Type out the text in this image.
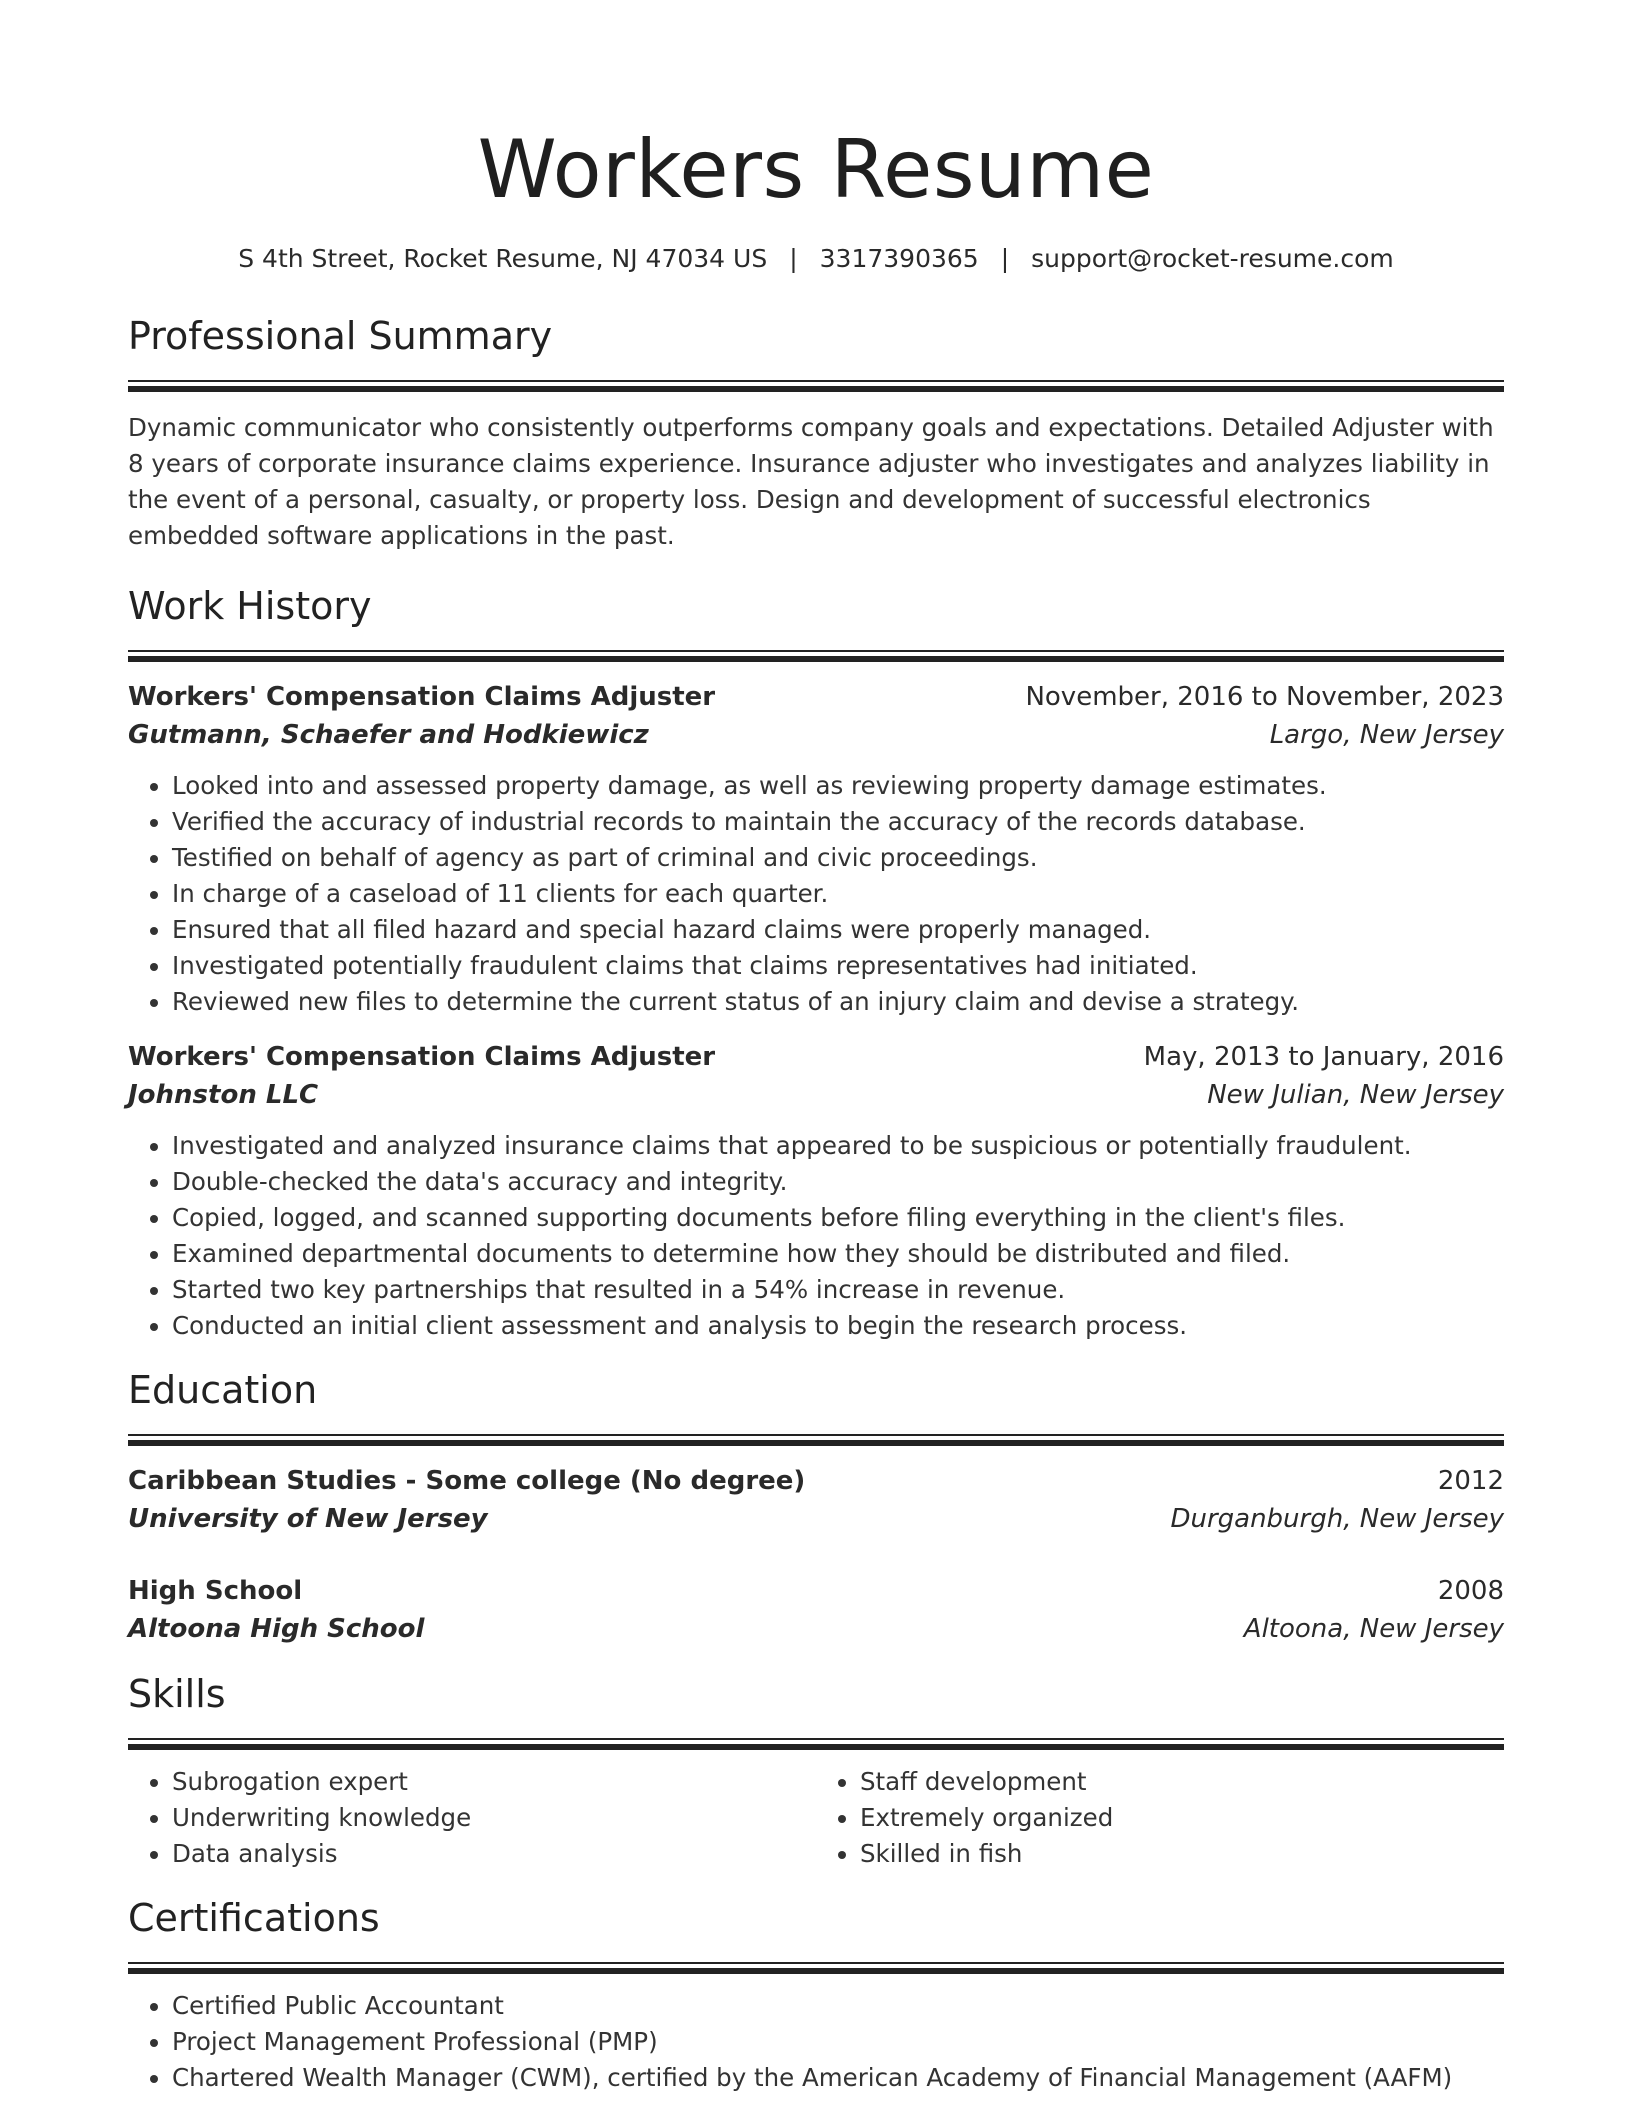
Workers Resume
S 4th Street, Rocket Resume, NJ 47034 US | 3317390365 | support@rocket-resume.com
Professional Summary

Dynamic communicator who consistently outperforms company goals and expectations. Detailed Adjuster with 8 years of corporate insurance claims experience. Insurance adjuster who investigates and analyzes liability in the event of a personal, casualty, or property loss. Design and development of successful electronics embedded software applications in the past.

Work History
Workers' Compensation Claims Adjuster	November, 2016 to November, 2023
Gutmann, Schaefer and Hodkiewicz	Largo, New Jersey
• Looked into and assessed property damage, as well as reviewing property damage estimates.
• Verified the accuracy of industrial records to maintain the accuracy of the records database.
• Testified on behalf of agency as part of criminal and civic proceedings.
• In charge of a caseload of 11 clients for each quarter.
• Ensured that all filed hazard and special hazard claims were properly managed.
• Investigated potentially fraudulent claims that claims representatives had initiated.
• Reviewed new files to determine the current status of an injury claim and devise a strategy.
Workers' Compensation Claims Adjuster	May, 2013 to January, 2016
Johnston LLC	New Julian, New Jersey
• Investigated and analyzed insurance claims that appeared to be suspicious or potentially fraudulent.
• Double-checked the data's accuracy and integrity.
• Copied, logged, and scanned supporting documents before filing everything in the client's files.
• Examined departmental documents to determine how they should be distributed and filed.
• Started two key partnerships that resulted in a 54% increase in revenue.
• Conducted an initial client assessment and analysis to begin the research process.
Education
Caribbean Studies - Some college (No degree)	2012
University of New Jersey	Durganburgh, New Jersey
High School	2008
Altoona High School	Altoona, New Jersey
Skills
• Subrogation expert
• Underwriting knowledge
• Data analysis
• Staff development
• Extremely organized
• Skilled in fish
Certifications
• Certified Public Accountant
• Project Management Professional (PMP)
• Chartered Wealth Manager (CWM), certified by the American Academy of Financial Management (AAFM)
